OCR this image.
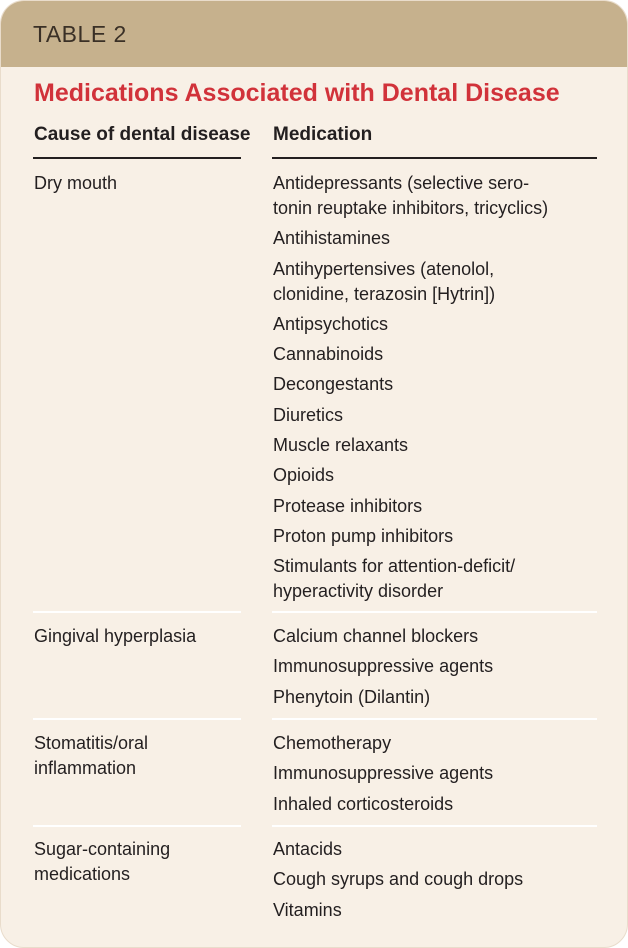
TABLE 2
Medications Associated with Dental Disease
Cause of dental disease Medication
Dry mouth	Antidepressants (selective sero-
tonin reuptake inhibitors, tricyclics)
Antihistamines
Antihypertensives (atenolol,
clonidine, terazosin [Hytrin])
Antipsychotics
Cannabinoids
Decongestants
Diuretics
Muscle relaxants
Opioids
Protease inhibitors
Proton pump inhibitors
Stimulants for attention-deficit/
hyperactivity disorder
Gingival hyperplasia	Calcium channel blockers
Immunosuppressive agents
Phenytoin (Dilantin)
Stomatitis/oral
inflammation
Chemotherapy
Immunosuppressive agents
Inhaled corticosteroids
Sugar-containing
medications
Antacids
Cough syrups and cough drops
Vitamins
